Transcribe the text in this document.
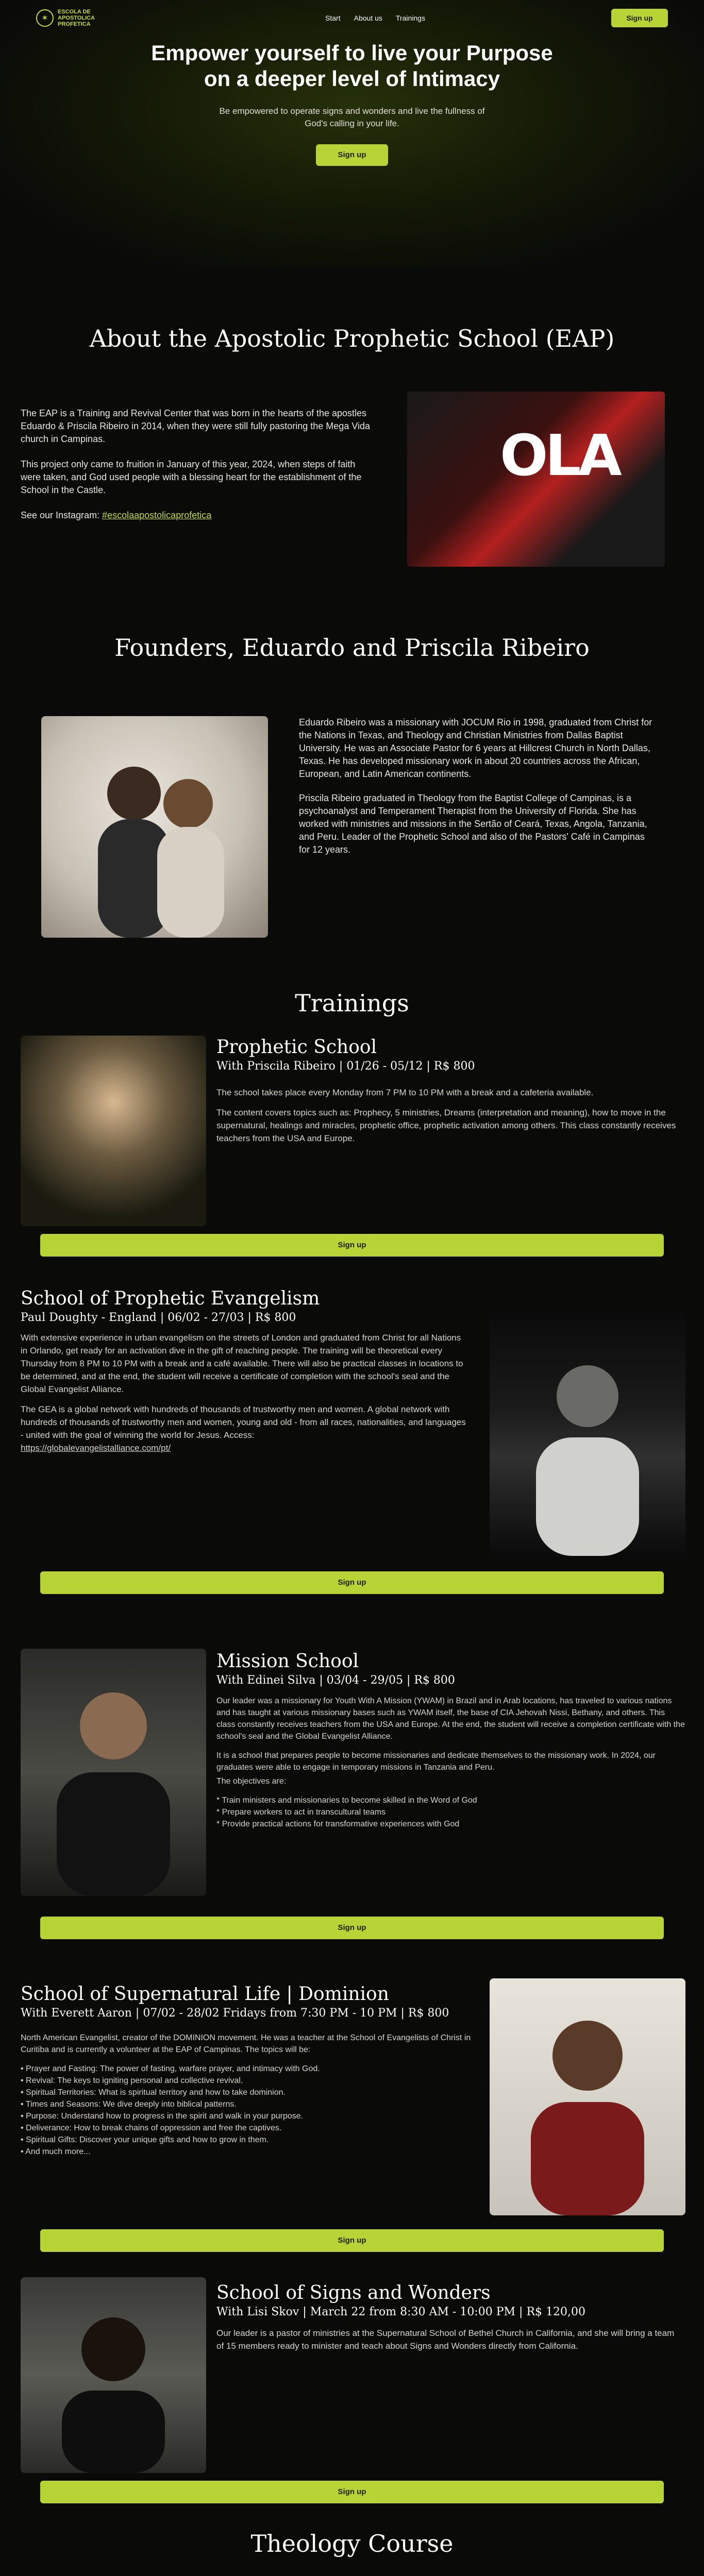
✶
ESCOLA DE
APOSTOLICA
PROFETICA
Start About us Trainings	Sign up
Empower yourself to live your Purpose
on a deeper level of Intimacy

Be empowered to operate signs and wonders and live the fullness of God's calling in your life.

Sign up
About the Apostolic Prophetic School (EAP)

The EAP is a Training and Revival Center that was born in the hearts of the apostles Eduardo & Priscila Ribeiro in 2014, when they were still fully pastoring the Mega Vida church in Campinas.

This project only came to fruition in January of this year, 2024, when steps of faith were taken, and God used people with a blessing heart for the establishment of the School in the Castle.

See our Instagram: #escolaapostolicaprofetica

OLA
Founders, Eduardo and Priscila Ribeiro

Eduardo Ribeiro was a missionary with JOCUM Rio in 1998, graduated from Christ for the Nations in Texas, and Theology and Christian Ministries from Dallas Baptist University. He was an Associate Pastor for 6 years at Hillcrest Church in North Dallas, Texas. He has developed missionary work in about 20 countries across the African, European, and Latin American continents.

Priscila Ribeiro graduated in Theology from the Baptist College of Campinas, is a psychoanalyst and Temperament Therapist from the University of Florida. She has worked with ministries and missions in the Sertão of Ceará, Texas, Angola, Tanzania, and Peru. Leader of the Prophetic School and also of the Pastors' Café in Campinas for 12 years.

Trainings
Prophetic School
With Priscila Ribeiro | 01/26 - 05/12 | R$ 800

The school takes place every Monday from 7 PM to 10 PM with a break and a cafeteria available.

The content covers topics such as: Prophecy, 5 ministries, Dreams (interpretation and meaning), how to move in the supernatural, healings and miracles, prophetic office, prophetic activation among others. This class constantly receives teachers from the USA and Europe.

Sign up
School of Prophetic Evangelism
Paul Doughty - England | 06/02 - 27/03 | R$ 800

With extensive experience in urban evangelism on the streets of London and graduated from Christ for all Nations in Orlando, get ready for an activation dive in the gift of reaching people. The training will be theoretical every Thursday from 8 PM to 10 PM with a break and a café available. There will also be practical classes in locations to be determined, and at the end, the student will receive a certificate of completion with the school's seal and the Global Evangelist Alliance.

The GEA is a global network with hundreds of thousands of trustworthy men and women. A global network with hundreds of thousands of trustworthy men and women, young and old - from all races, nationalities, and languages - united with the goal of winning the world for Jesus. Access:
https://globalevangelistalliance.com/pt/

Sign up
Mission School
With Edinei Silva | 03/04 - 29/05 | R$ 800

Our leader was a missionary for Youth With A Mission (YWAM) in Brazil and in Arab locations, has traveled to various nations and has taught at various missionary bases such as YWAM itself, the base of CIA Jehovah Nissi, Bethany, and others. This class constantly receives teachers from the USA and Europe. At the end, the student will receive a completion certificate with the school's seal and the Global Evangelist Alliance.

It is a school that prepares people to become missionaries and dedicate themselves to the missionary work. In 2024, our graduates were able to engage in temporary missions in Tanzania and Peru.

The objectives are:

* Train ministers and missionaries to become skilled in the Word of God
* Prepare workers to act in transcultural teams
* Provide practical actions for transformative experiences with God
Sign up
School of Supernatural Life | Dominion
With Everett Aaron | 07/02 - 28/02 Fridays from 7:30 PM - 10 PM | R$ 800

North American Evangelist, creator of the DOMINION movement. He was a teacher at the School of Evangelists of Christ in Curitiba and is currently a volunteer at the EAP of Campinas. The topics will be:

• Prayer and Fasting: The power of fasting, warfare prayer, and intimacy with God.
• Revival: The keys to igniting personal and collective revival.
• Spiritual Territories: What is spiritual territory and how to take dominion.
• Times and Seasons: We dive deeply into biblical patterns.
• Purpose: Understand how to progress in the spirit and walk in your purpose.
• Deliverance: How to break chains of oppression and free the captives.
• Spiritual Gifts: Discover your unique gifts and how to grow in them.
• And much more...
Sign up
School of Signs and Wonders
With Lisi Skov | March 22 from 8:30 AM - 10:00 PM | R$ 120,00

Our leader is a pastor of ministries at the Supernatural School of Bethel Church in California, and she will bring a team of 15 members ready to minister and teach about Signs and Wonders directly from California.

Sign up
Theology Course
